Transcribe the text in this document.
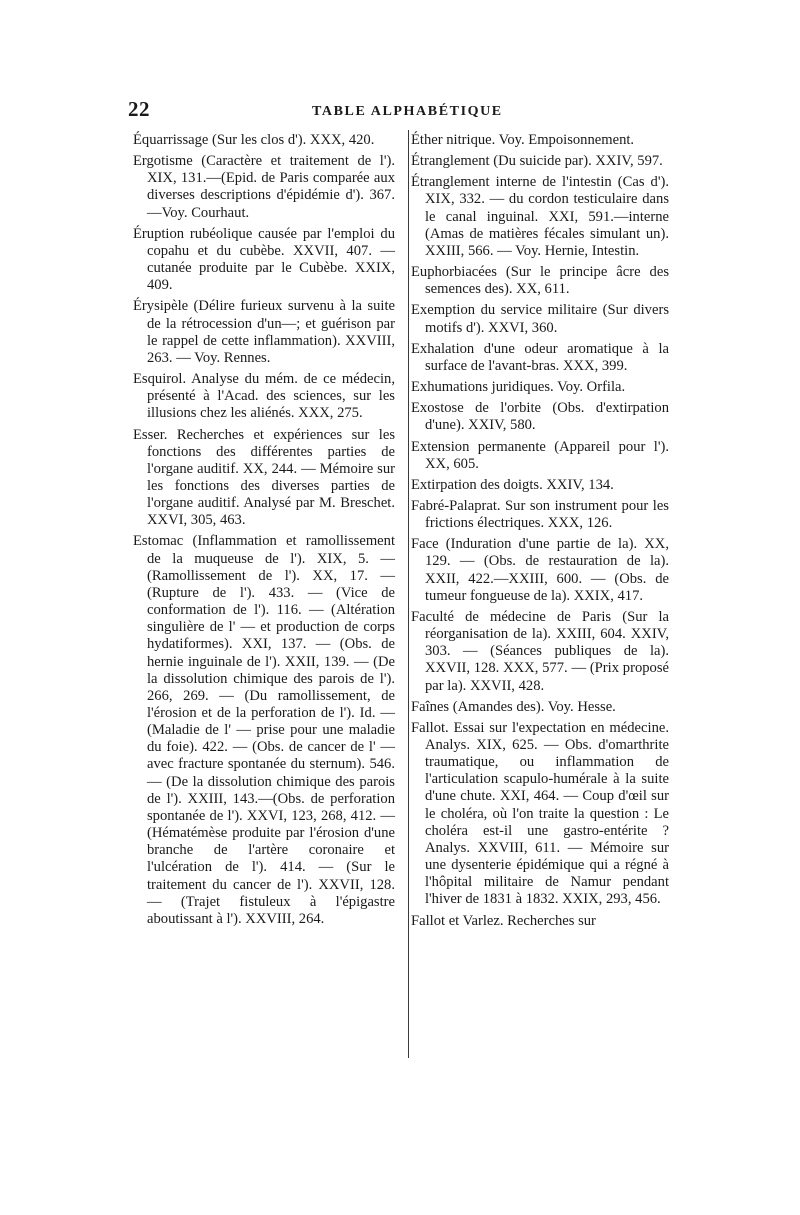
22	TABLE ALPHABÉTIQUE

Équarrissage (Sur les clos d'). XXX, 420.

Ergotisme (Caractère et traitement de l'). XIX, 131.—(Epid. de Paris comparée aux diverses descriptions d'épidémie d'). 367.—Voy. Courhaut.

Éruption rubéolique causée par l'emploi du copahu et du cubèbe. XXVII, 407. — cutanée produite par le Cubèbe. XXIX, 409.

Érysipèle (Délire furieux survenu à la suite de la rétrocession d'un—; et guérison par le rappel de cette inflammation). XXVIII, 263. — Voy. Rennes.

Esquirol. Analyse du mém. de ce médecin, présenté à l'Acad. des sciences, sur les illusions chez les aliénés. XXX, 275.

Esser. Recherches et expériences sur les fonctions des différentes parties de l'organe auditif. XX, 244. — Mémoire sur les fonctions des diverses parties de l'organe auditif. Analysé par M. Breschet. XXVI, 305, 463.

Estomac (Inflammation et ramollissement de la muqueuse de l'). XIX, 5. — (Ramollissement de l'). XX, 17. — (Rupture de l'). 433. — (Vice de conformation de l'). 116. — (Altération singulière de l' — et production de corps hydatiformes). XXI, 137. — (Obs. de hernie inguinale de l'). XXII, 139. — (De la dissolution chimique des parois de l'). 266, 269. — (Du ramollissement, de l'érosion et de la perforation de l'). Id. — (Maladie de l' — prise pour une maladie du foie). 422. — (Obs. de cancer de l' — avec fracture spontanée du sternum). 546. — (De la dissolution chimique des parois de l'). XXIII, 143.—(Obs. de perforation spontanée de l'). XXVI, 123, 268, 412. — (Hématémèse produite par l'érosion d'une branche de l'artère coronaire et l'ulcération de l'). 414. — (Sur le traitement du cancer de l'). XXVII, 128. — (Trajet fistuleux à l'épigastre aboutissant à l'). XXVIII, 264.

Éther nitrique. Voy. Empoisonnement.

Étranglement (Du suicide par). XXIV, 597.

Étranglement interne de l'intestin (Cas d'). XIX, 332. — du cordon testiculaire dans le canal inguinal. XXI, 591.—interne (Amas de matières fécales simulant un). XXIII, 566. — Voy. Hernie, Intestin.

Euphorbiacées (Sur le principe âcre des semences des). XX, 611.

Exemption du service militaire (Sur divers motifs d'). XXVI, 360.

Exhalation d'une odeur aromatique à la surface de l'avant-bras. XXX, 399.

Exhumations juridiques. Voy. Orfila.

Exostose de l'orbite (Obs. d'extirpation d'une). XXIV, 580.

Extension permanente (Appareil pour l'). XX, 605.

Extirpation des doigts. XXIV, 134.

Fabré-Palaprat. Sur son instrument pour les frictions électriques. XXX, 126.

Face (Induration d'une partie de la). XX, 129. — (Obs. de restauration de la). XXII, 422.—XXIII, 600. — (Obs. de tumeur fongueuse de la). XXIX, 417.

Faculté de médecine de Paris (Sur la réorganisation de la). XXIII, 604. XXIV, 303. — (Séances publiques de la). XXVII, 128. XXX, 577. — (Prix proposé par la). XXVII, 428.

Faînes (Amandes des). Voy. Hesse.

Fallot. Essai sur l'expectation en médecine. Analys. XIX, 625. — Obs. d'omarthrite traumatique, ou inflammation de l'articulation scapulo-humérale à la suite d'une chute. XXI, 464. — Coup d'œil sur le choléra, où l'on traite la question : Le choléra est-il une gastro-entérite ? Analys. XXVIII, 611. — Mémoire sur une dysenterie épidémique qui a régné à l'hôpital militaire de Namur pendant l'hiver de 1831 à 1832. XXIX, 293, 456.

Fallot et Varlez. Recherches sur
